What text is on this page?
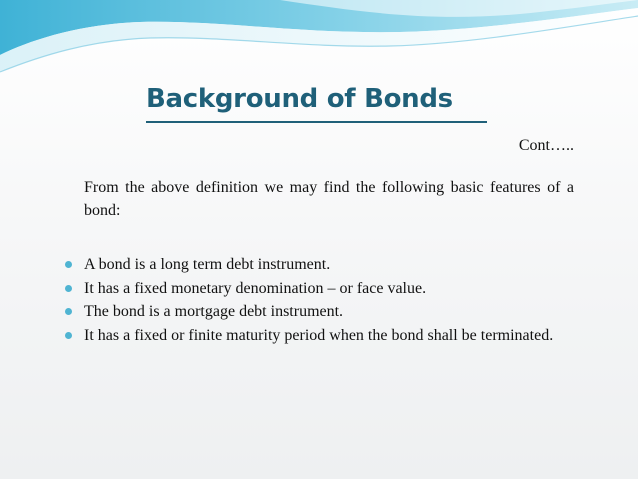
Background of Bonds
Cont…..

From the above definition we may find the following basic features of a bond:

A bond is a long term debt instrument.
It has a fixed monetary denomination – or face value.
The bond is a mortgage debt instrument.
It has a fixed or finite maturity period when the bond shall be terminated.
